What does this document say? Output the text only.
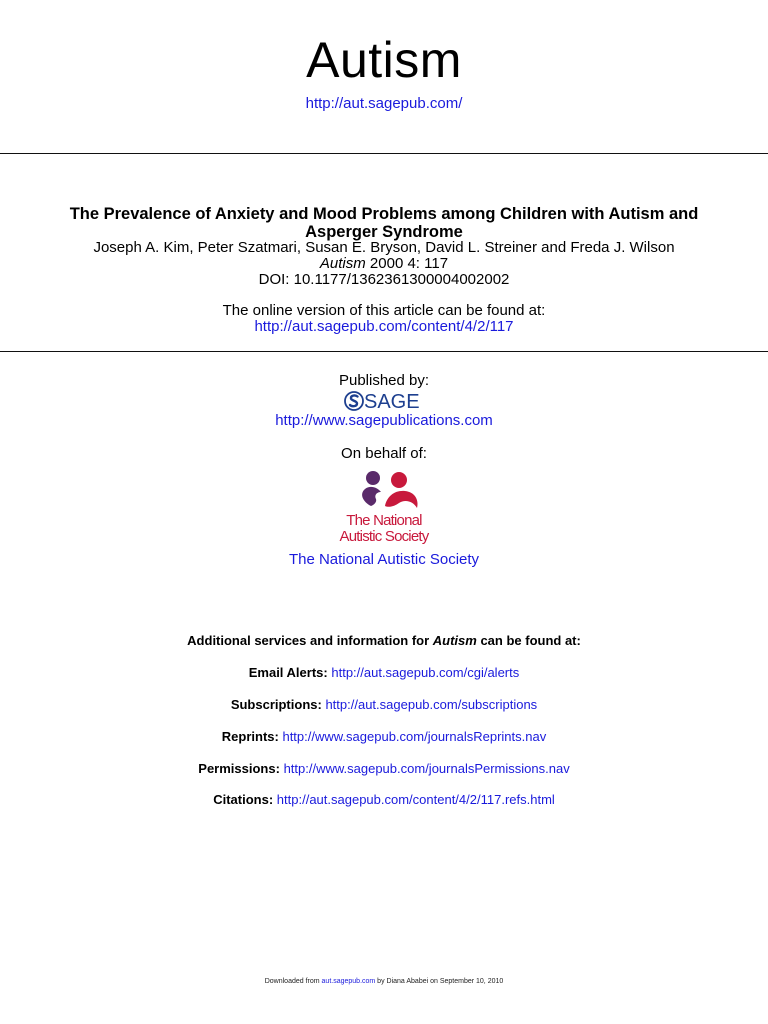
Autism
http://aut.sagepub.com/
The Prevalence of Anxiety and Mood Problems among Children with Autism and
Asperger Syndrome
Joseph A. Kim, Peter Szatmari, Susan E. Bryson, David L. Streiner and Freda J. Wilson
Autism 2000 4: 117
DOI: 10.1177/1362361300004002002
The online version of this article can be found at:
http://aut.sagepub.com/content/4/2/117
Published by:
SAGE
http://www.sagepublications.com
On behalf of:
The National
Autistic Society
The National Autistic Society
Additional services and information for Autism can be found at:
Email Alerts: http://aut.sagepub.com/cgi/alerts
Subscriptions: http://aut.sagepub.com/subscriptions
Reprints: http://www.sagepub.com/journalsReprints.nav
Permissions: http://www.sagepub.com/journalsPermissions.nav
Citations: http://aut.sagepub.com/content/4/2/117.refs.html
Downloaded from aut.sagepub.com by Diana Ababei on September 10, 2010
